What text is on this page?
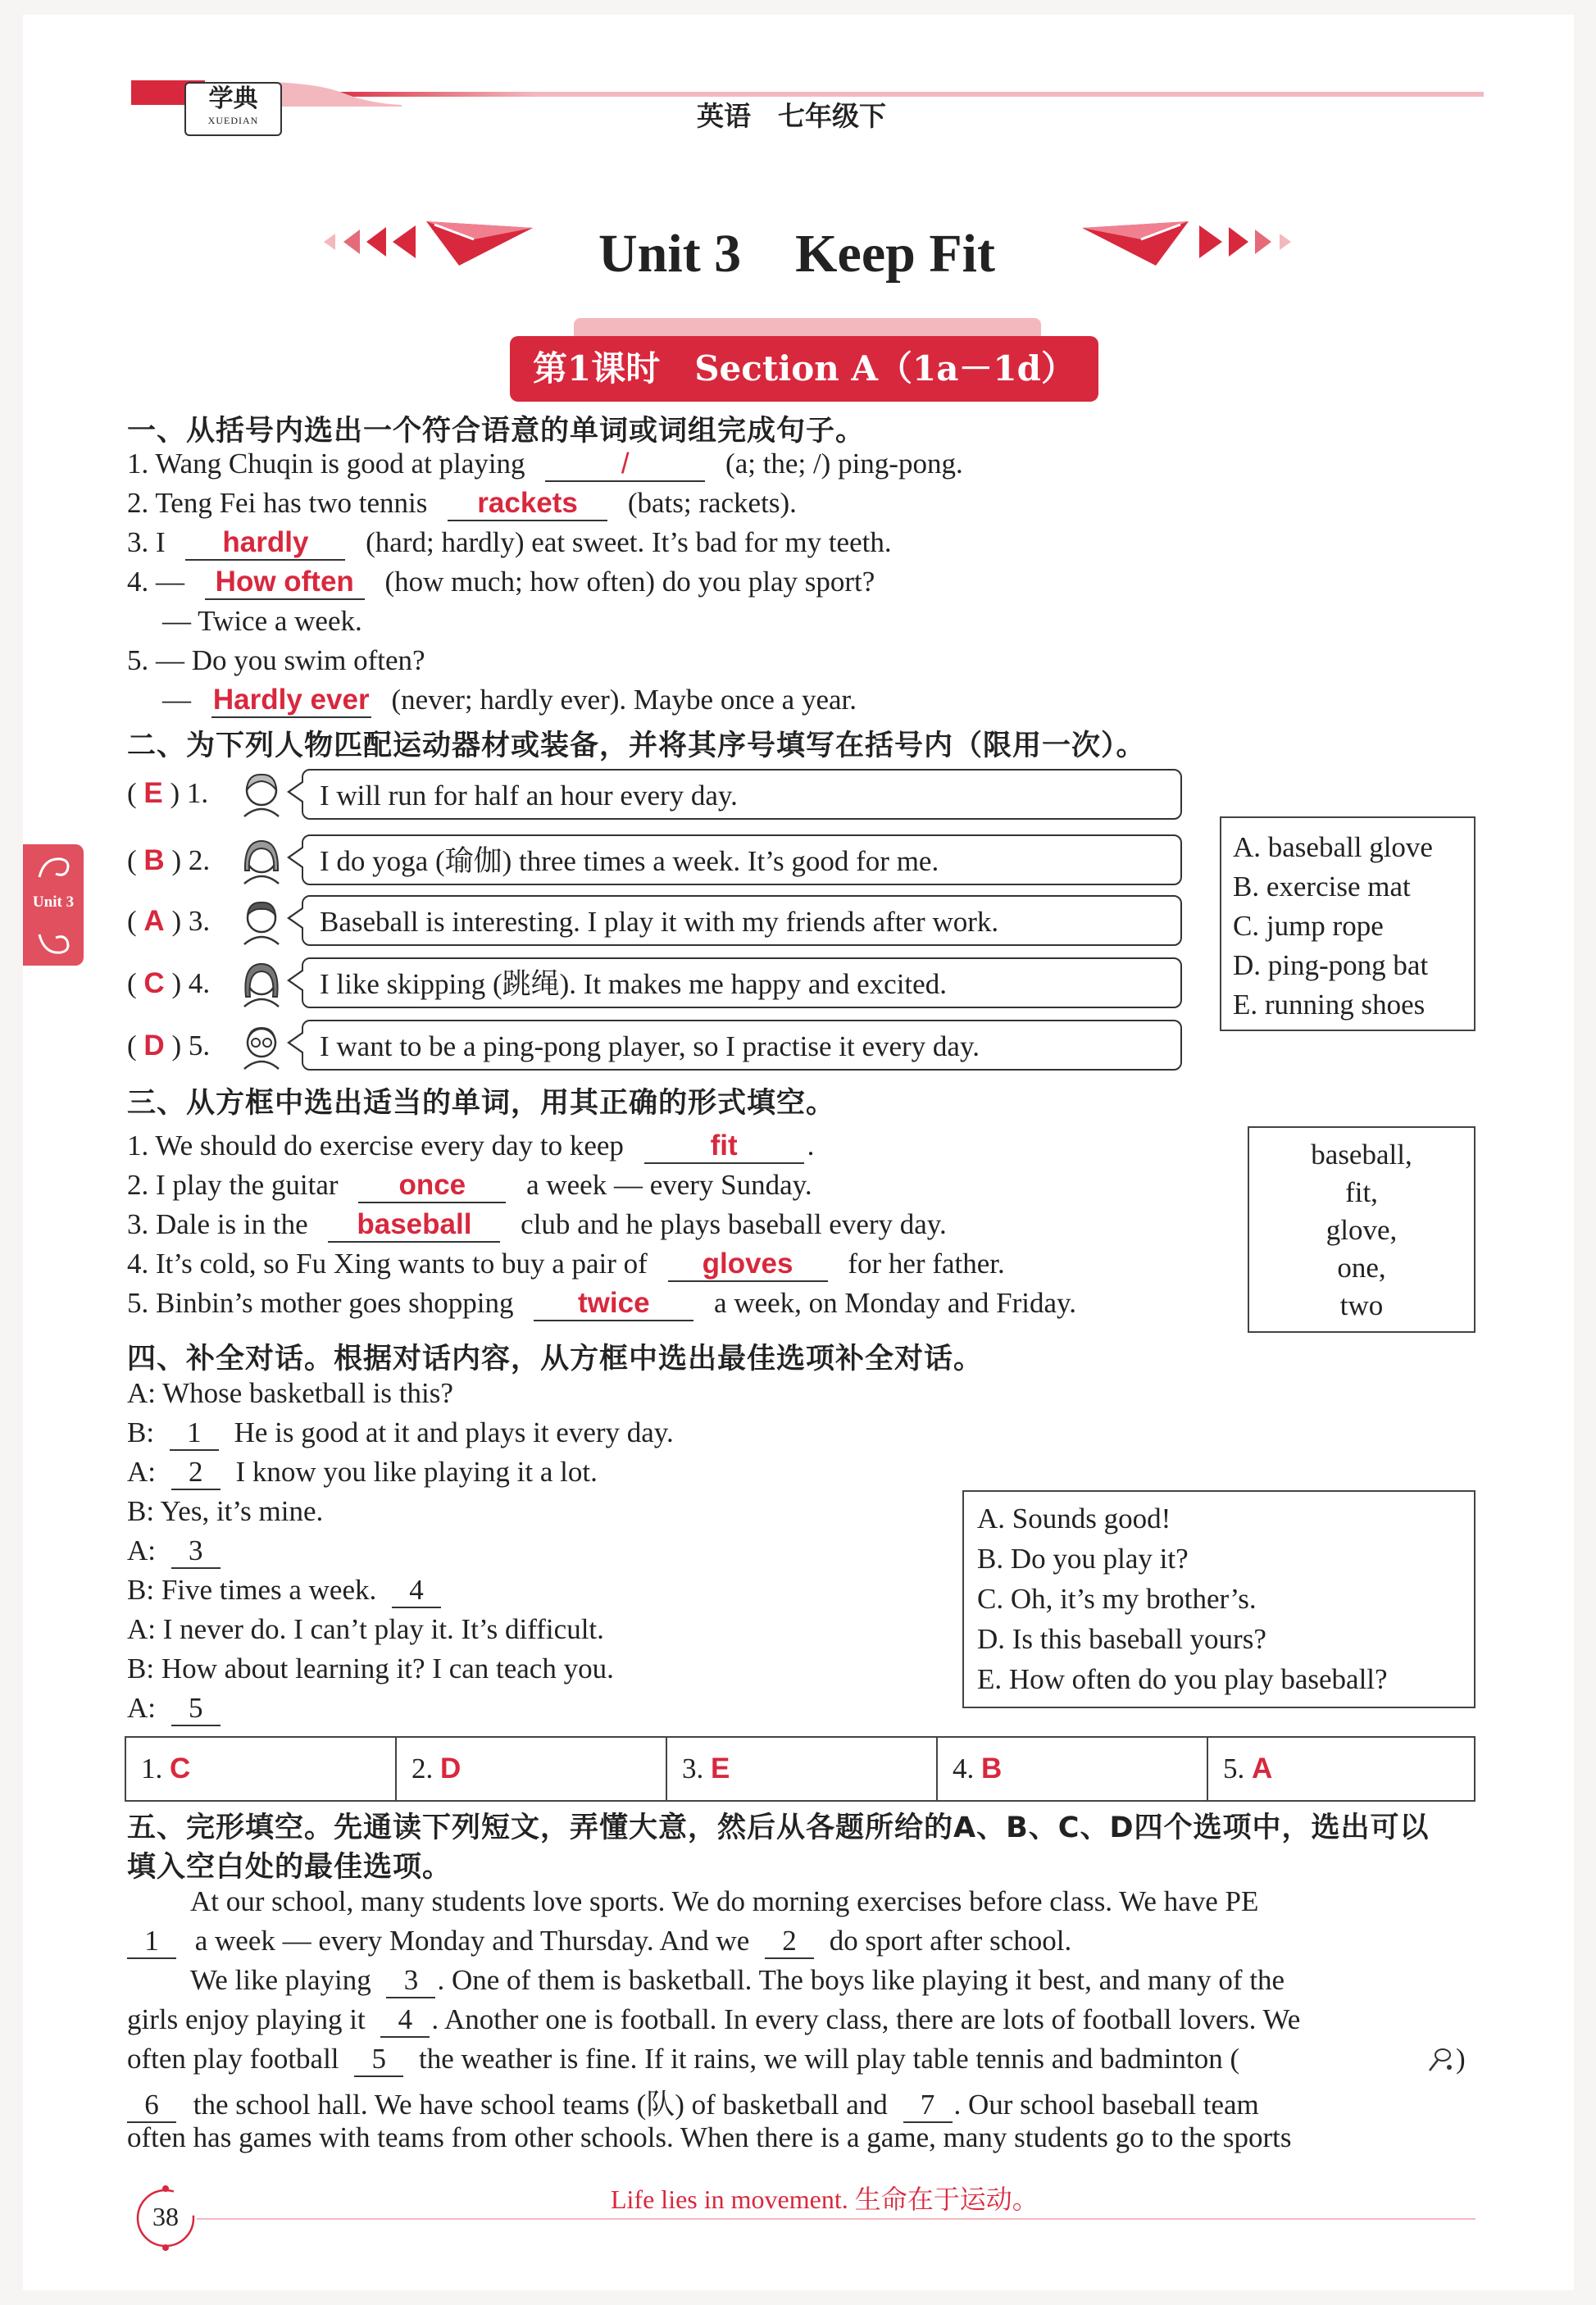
学典
XUEDIAN	英语　七年级下
Unit 3　Keep Fit
第1课时　Section A（1a－1d）
Unit 3
一、从括号内选出一个符合语意的单词或词组完成句子。
1. Wang Chuqin is good at playing	/	(a; the; /) ping-pong.
2. Teng Fei has two tennis rackets (bats; rackets).
3. I hardly (hard; hardly) eat sweet. It’s bad for my teeth.
4. — How often (how much; how often) do you play sport?
— Twice a week.
5. — Do you swim often?
— Hardly ever (never; hardly ever). Maybe once a year.
二、为下列人物匹配运动器材或装备，并将其序号填写在括号内（限用一次）。
( E ) 1.	I will run for half an hour every day.
( B ) 2.	I do yoga (瑜伽) three times a week. It’s good for me.
( A ) 3.	Baseball is interesting. I play it with my friends after work.
( C ) 4.	I like skipping (跳绳). It makes me happy and excited.
( D ) 5.	I want to be a ping-pong player, so I practise it every day.
A. baseball glove
B. exercise mat
C. jump rope
D. ping-pong bat
E. running shoes
三、从方框中选出适当的单词，用其正确的形式填空。
1. We should do exercise every day to keep	fit .
2. I play the guitar once a week — every Sunday.
3. Dale is in the baseball club and he plays baseball every day.
4. It’s cold, so Fu Xing wants to buy a pair of gloves for her father.
5. Binbin’s mother goes shopping twice a week, on Monday and Friday.
baseball,
fit,
glove,
one,
two
四、补全对话。根据对话内容，从方框中选出最佳选项补全对话。
A: Whose basketball is this?
B: 1 He is good at it and plays it every day.
A: 2 I know you like playing it a lot.
B: Yes, it’s mine.
A: 3
B: Five times a week. 4
A: I never do. I can’t play it. It’s difficult.
B: How about learning it? I can teach you.
A: 5
A. Sounds good!
B. Do you play it?
C. Oh, it’s my brother’s.
D. Is this baseball yours?
E. How often do you play baseball?
1. C	2. D	3. E	4. B	5. A
五、完形填空。先通读下列短文，弄懂大意，然后从各题所给的A、B、C、D四个选项中，选出可以
填入空白处的最佳选项。
At our school, many students love sports. We do morning exercises before class. We have PE
1 a week — every Monday and Thursday. And we 2 do sport after school.
We like playing 3 . One of them is basketball. The boys like playing it best, and many of the
girls enjoy playing it 4 . Another one is football. In every class, there are lots of football lovers. We
often play football 5 the weather is fine. If it rains, we will play table tennis and badminton (	)
6 the school hall. We have school teams (队) of basketball and 7 . Our school baseball team
often has games with teams from other schools. When there is a game, many students go to the sports
38
Life lies in movement. 生命在于运动。
